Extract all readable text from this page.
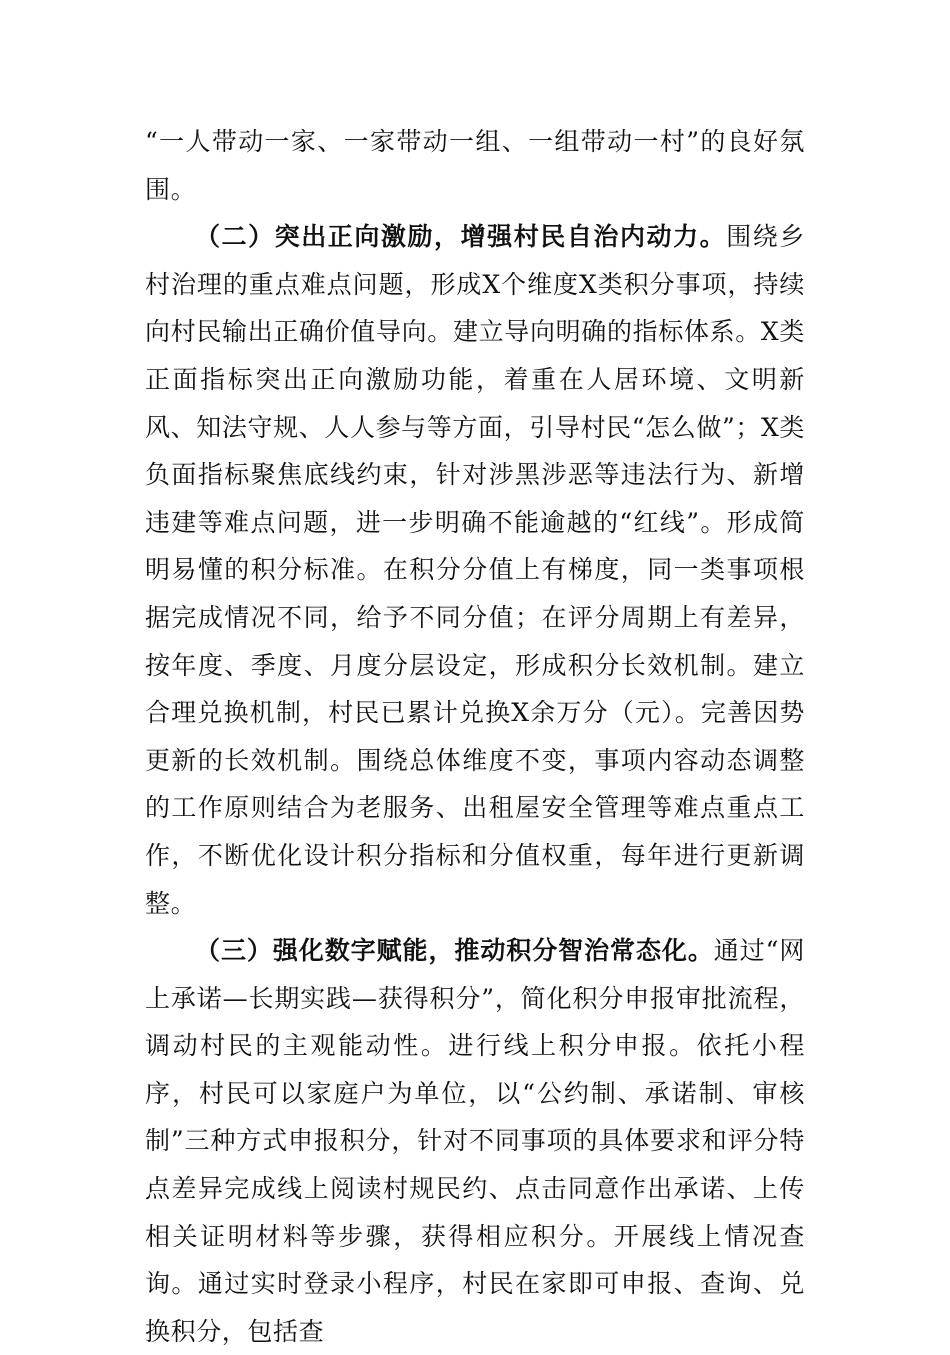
“一人带动一家、一家带动一组、一组带动一村”的良好氛围。

（二）突出正向激励，增强村民自治内动力。围绕乡村治理的重点难点问题，形成X个维度X类积分事项，持续向村民输出正确价值导向。建立导向明确的指标体系。X类正面指标突出正向激励功能，着重在人居环境、文明新风、知法守规、人人参与等方面，引导村民“怎么做”；X类负面指标聚焦底线约束，针对涉黑涉恶等违法行为、新增违建等难点问题，进一步明确不能逾越的“红线”。形成简明易懂的积分标准。在积分分值上有梯度，同一类事项根据完成情况不同，给予不同分值；在评分周期上有差异，按年度、季度、月度分层设定，形成积分长效机制。建立合理兑换机制，村民已累计兑换X余万分（元）。完善因势更新的长效机制。围绕总体维度不变，事项内容动态调整的工作原则结合为老服务、出租屋安全管理等难点重点工作，不断优化设计积分指标和分值权重，每年进行更新调整。

（三）强化数字赋能，推动积分智治常态化。通过“网上承诺—长期实践—获得积分”，简化积分申报审批流程，调动村民的主观能动性。进行线上积分申报。依托小程序，村民可以家庭户为单位，以“公约制、承诺制、审核制”三种方式申报积分，针对不同事项的具体要求和评分特点差异完成线上阅读村规民约、点击同意作出承诺、上传相关证明材料等步骤，获得相应积分。开展线上情况查询。通过实时登录小程序，村民在家即可申报、查询、兑换积分，包括查
